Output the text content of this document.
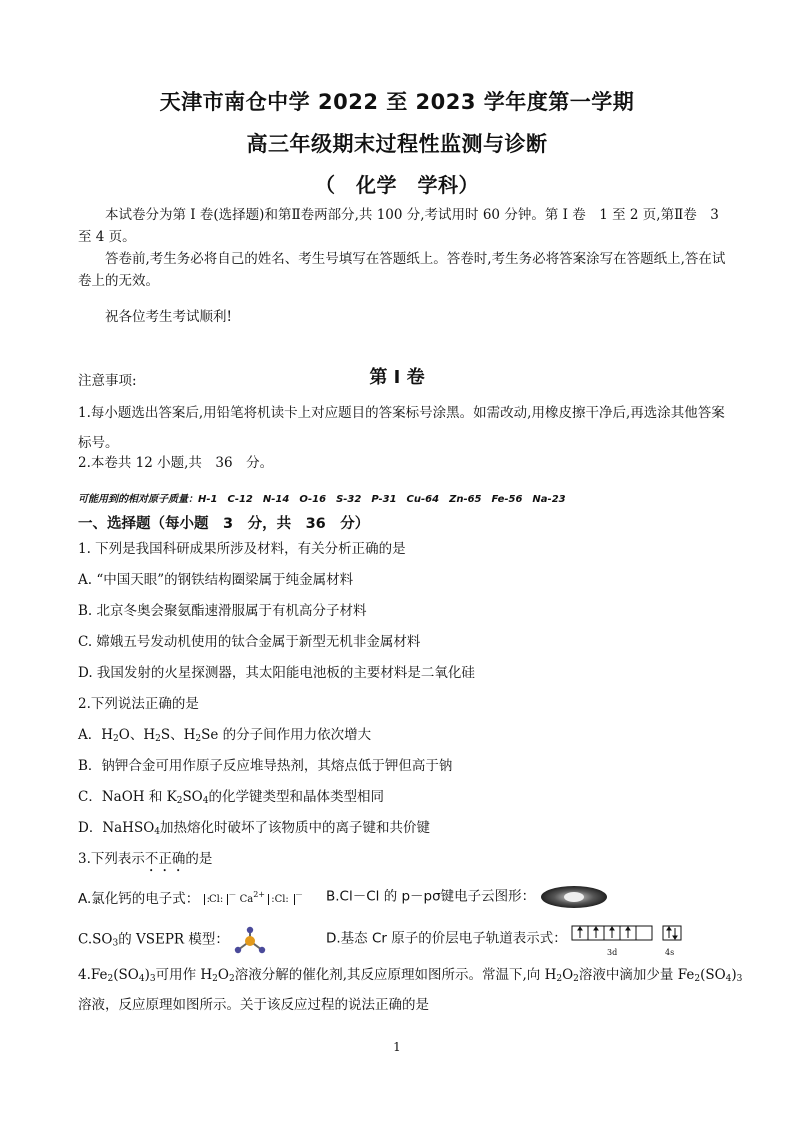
天津市南仓中学 2022 至 2023 学年度第一学期
高三年级期末过程性监测与诊断
（　化学　学科）
本试卷分为第 I 卷(选择题)和第Ⅱ卷两部分,共 100 分,考试用时 60 分钟。第 I 卷　1 至 2 页,第Ⅱ卷　3 至 4 页。
答卷前,考生务必将自己的姓名、考生号填写在答题纸上。答卷时,考生务必将答案涂写在答题纸上,答在试卷上的无效。
祝各位考生考试顺利!
第 I 卷
注意事项:
1.每小题选出答案后,用铅笔将机读卡上对应题目的答案标号涂黑。如需改动,用橡皮擦干净后,再选涂其他答案标号。
2.本卷共 12 小题,共　36　分。
可能用到的相对原子质量：H-1　C-12　N-14　O-16　S-32　P-31　Cu-64　Zn-65　Fe-56　Na-23
一、选择题（每小题　3　分，共　36　分）
1. 下列是我国科研成果所涉及材料，有关分析正确的是
A. “中国天眼”的钢铁结构圈梁属于纯金属材料
B. 北京冬奥会聚氨酯速滑服属于有机高分子材料
C. 嫦娥五号发动机使用的钛合金属于新型无机非金属材料
D. 我国发射的火星探测器，其太阳能电池板的主要材料是二氧化硅
2.下列说法正确的是
A．$H_2O$、$H_2S$、$H_2Se$ 的分子间作用力依次增大
B．钠钾合金可用作原子反应堆导热剂，其熔点低于钾但高于钠
C．NaOH 和 $K_2SO_4$的化学键类型和晶体类型相同
D．NaHSO$_4$加热熔化时破坏了该物质中的离子键和共价键
3.下列表示不正确的是
A.氯化钙的电子式： :Cl: － $Ca^{2+}$ :Cl: － B.Cl－Cl 的 p－pσ键电子云图形：
$C.SO_3$的 VSEPR 模型：	D.基态 Cr 原子的价层电子轨道表示式：
3d	4s
$4.Fe_2(SO_4)_3$可用作 $H_2O_2$溶液分解的催化剂,其反应原理如图所示。常温下,向 $H_2O_2$溶液中滴加少量 $Fe_2(SO_4)_3$
溶液，反应原理如图所示。关于该反应过程的说法正确的是
1
